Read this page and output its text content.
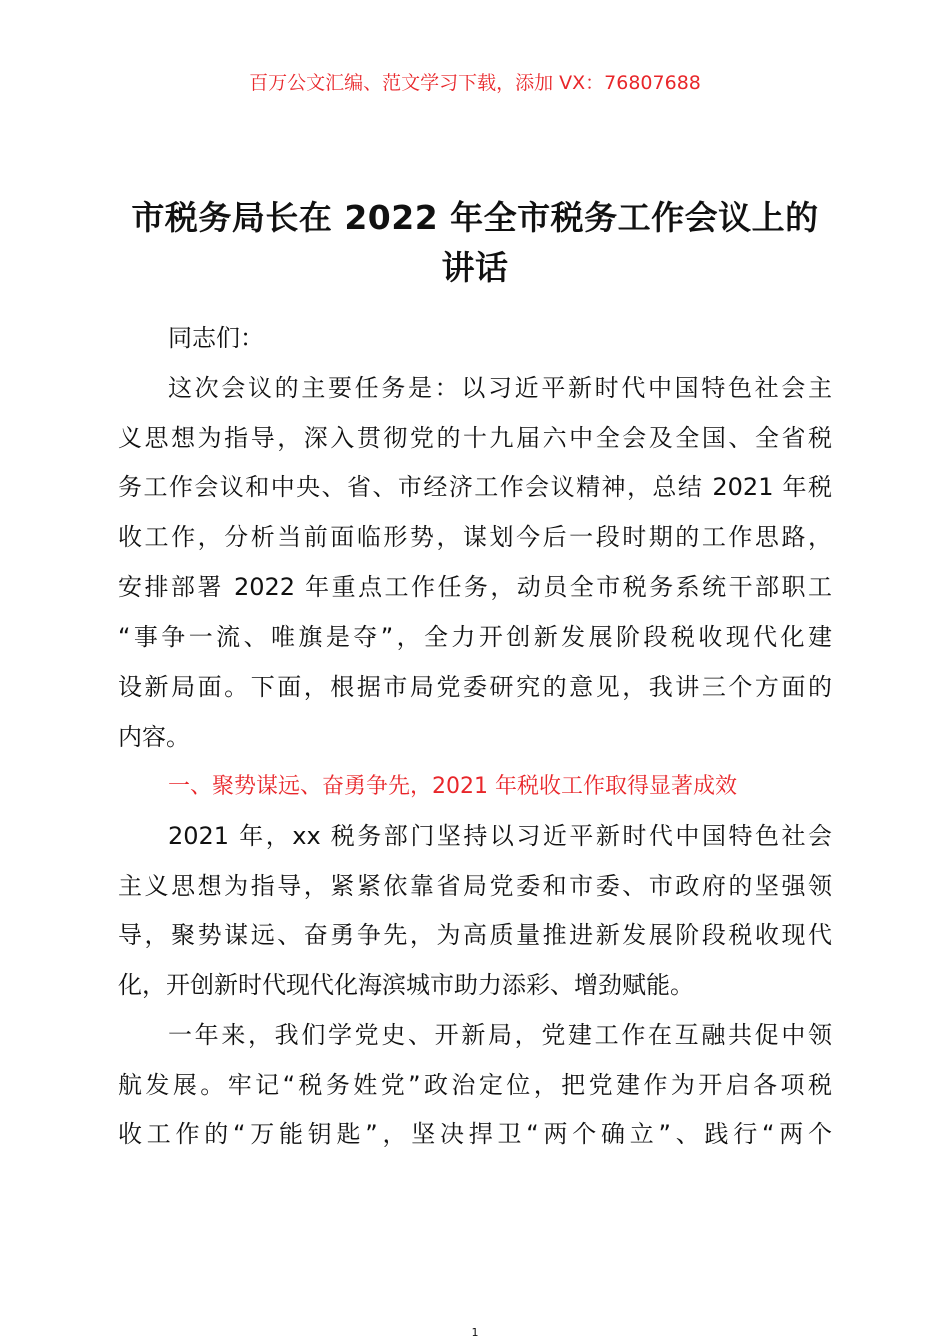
百万公文汇编、范文学习下载，添加 VX：76807688
市税务局长在 2022 年全市税务工作会议上的
讲话
同志们：
这次会议的主要任务是：以习近平新时代中国特色社会主
义思想为指导，深入贯彻党的十九届六中全会及全国、全省税
务工作会议和中央、省、市经济工作会议精神，总结 2021 年税
收工作，分析当前面临形势，谋划今后一段时期的工作思路，
安排部署 2022 年重点工作任务，动员全市税务系统干部职工
“事争一流、唯旗是夺”，全力开创新发展阶段税收现代化建
设新局面。下面，根据市局党委研究的意见，我讲三个方面的
内容。
一、聚势谋远、奋勇争先，2021 年税收工作取得显著成效
2021 年，xx 税务部门坚持以习近平新时代中国特色社会
主义思想为指导，紧紧依靠省局党委和市委、市政府的坚强领
导，聚势谋远、奋勇争先，为高质量推进新发展阶段税收现代
化，开创新时代现代化海滨城市助力添彩、增劲赋能。
一年来，我们学党史、开新局，党建工作在互融共促中领
航发展。牢记“税务姓党”政治定位，把党建作为开启各项税
收工作的“万能钥匙”，坚决捍卫“两个确立”、践行“两个
1
